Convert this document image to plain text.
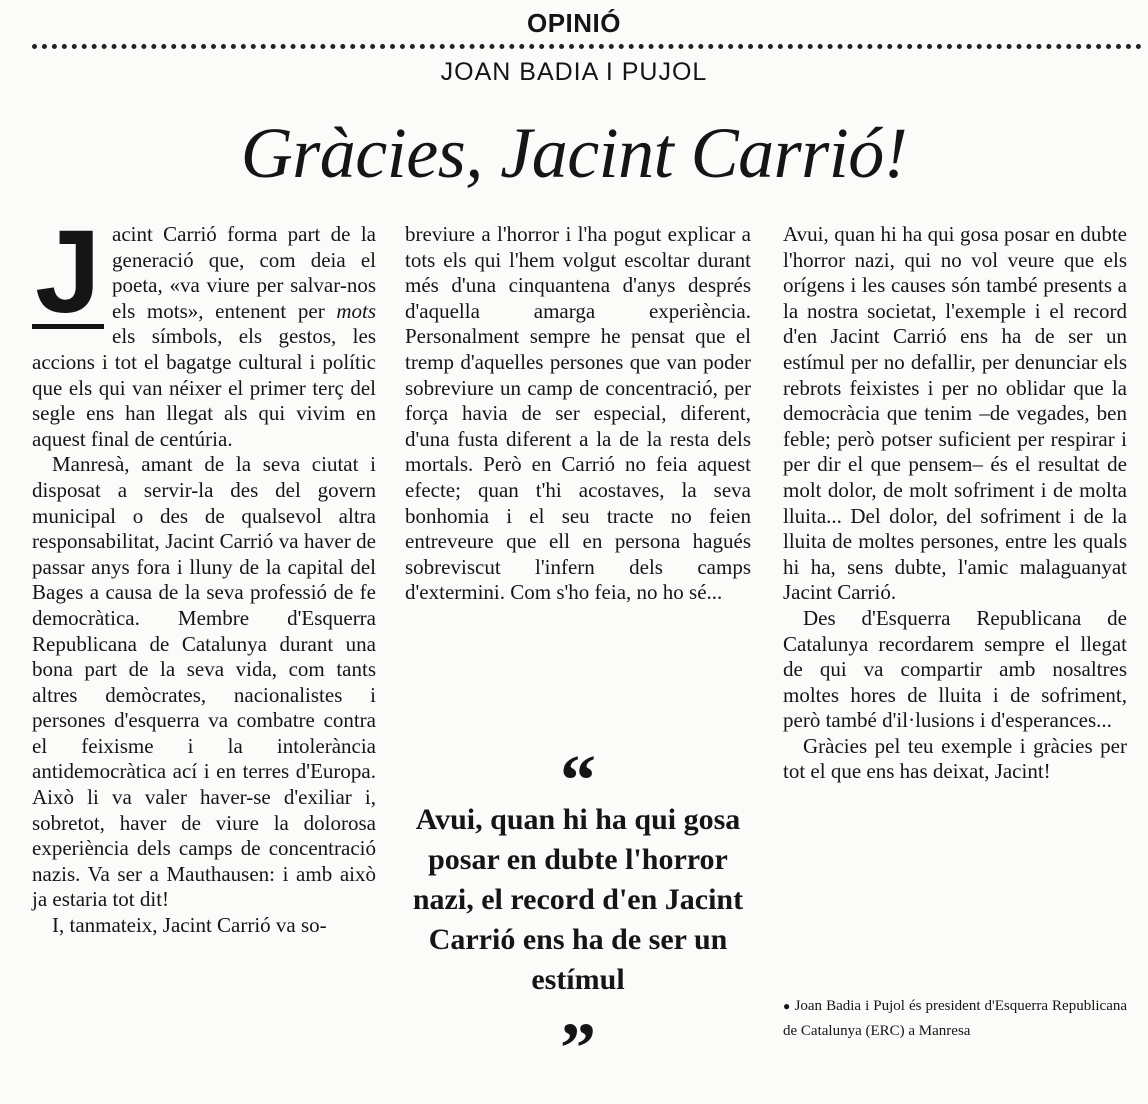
OPINIÓ
JOAN BADIA I PUJOL
Gràcies, Jacint Carrió!

J acint Carrió forma part de la generació que, com deia el poeta, «va viure per salvar-nos els mots», entenent per mots els símbols, els gestos, les accions i tot el bagatge cultural i polític que els qui van néixer el primer terç del segle ens han llegat als qui vivim en aquest final de centúria.

Manresà, amant de la seva ciutat i disposat a servir-la des del govern municipal o des de qualsevol altra responsabilitat, Jacint Carrió va haver de passar anys fora i lluny de la capital del Bages a causa de la seva professió de fe democràtica. Membre d'Esquerra Republicana de Catalunya durant una bona part de la seva vida, com tants altres demòcrates, nacionalistes i persones d'esquerra va combatre contra el feixisme i la intolerància antidemocràtica ací i en terres d'Europa. Això li va valer haver-se d'exiliar i, sobretot, haver de viure la dolorosa experiència dels camps de concentració nazis. Va ser a Mauthausen: i amb això ja estaria tot dit!

I, tanmateix, Jacint Carrió va so-

breviure a l'horror i l'ha pogut explicar a tots els qui l'hem volgut escoltar durant més d'una cinquantena d'anys després d'aquella amarga experiència. Personalment sempre he pensat que el tremp d'aquelles persones que van poder sobreviure un camp de concentració, per força havia de ser especial, diferent, d'una fusta diferent a la de la resta dels mortals. Però en Carrió no feia aquest efecte; quan t'hi acostaves, la seva bonhomia i el seu tracte no feien entreveure que ell en persona hagués sobreviscut l'infern dels camps d'extermini. Com s'ho feia, no ho sé...

“
Avui, quan hi ha qui gosa posar en dubte l'horror nazi, el record d'en Jacint Carrió ens ha de ser un estímul
”

Avui, quan hi ha qui gosa posar en dubte l'horror nazi, qui no vol veure que els orígens i les causes són també presents a la nostra societat, l'exemple i el record d'en Jacint Carrió ens ha de ser un estímul per no defallir, per denunciar els rebrots feixistes i per no oblidar que la democràcia que tenim –de vegades, ben feble; però potser suficient per respirar i per dir el que pensem– és el resultat de molt dolor, de molt sofriment i de molta lluita... Del dolor, del sofriment i de la lluita de moltes persones, entre les quals hi ha, sens dubte, l'amic malaguanyat Jacint Carrió.

Des d'Esquerra Republicana de Catalunya recordarem sempre el llegat de qui va compartir amb nosaltres moltes hores de lluita i de sofriment, però també d'il·lusions i d'esperances...

Gràcies pel teu exemple i gràcies per tot el que ens has deixat, Jacint!

● Joan Badia i Pujol és president d'Esquerra Republicana de Catalunya (ERC) a Manresa
